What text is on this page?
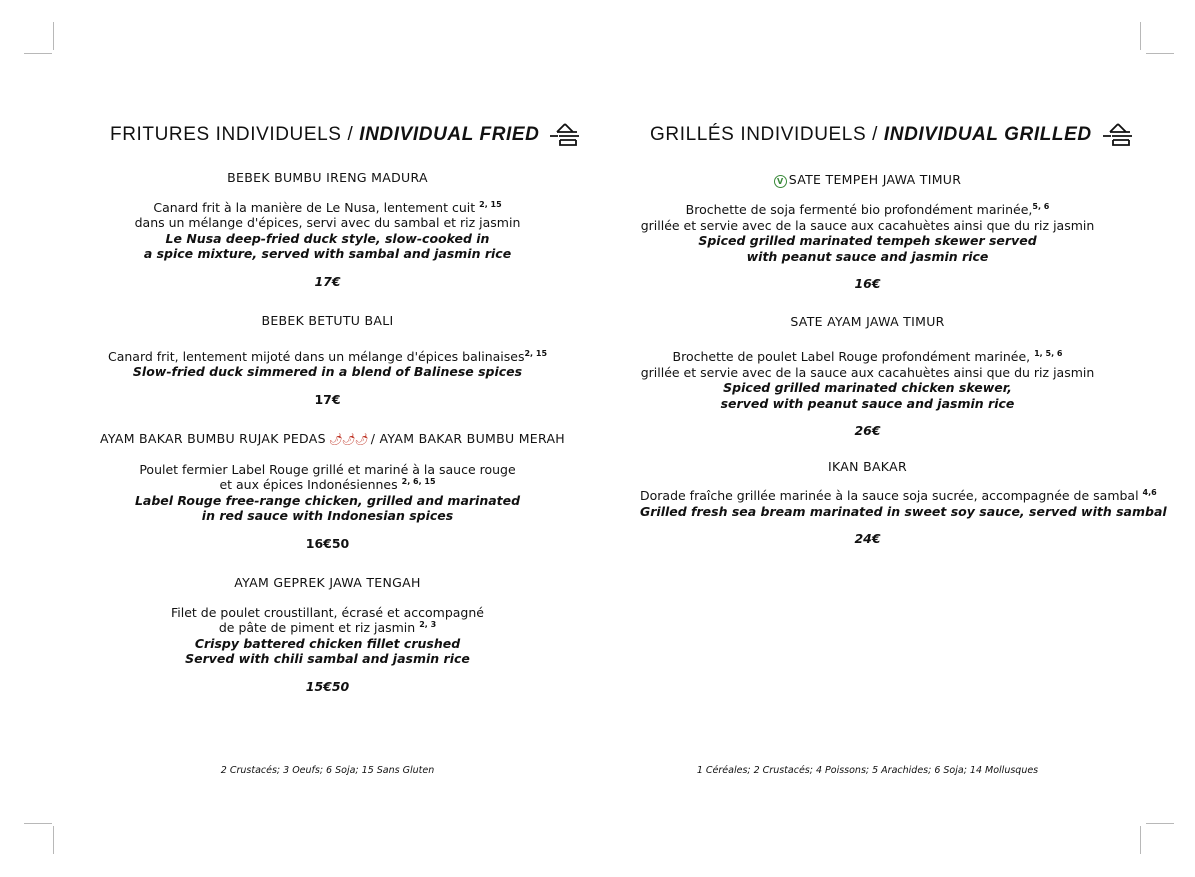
FRITURES INDIVIDUELS / INDIVIDUAL FRIED
BEBEK BUMBU IRENG MADURA
Canard frit à la manière de Le Nusa, lentement cuit $^{2, 15}$
dans un mélange d'épices, servi avec du sambal et riz jasmin
Le Nusa deep-fried duck style, slow-cooked in
a spice mixture, served with sambal and jasmin rice
17€
BEBEK BETUTU BALI
Canard frit, lentement mijoté dans un mélange d'épices balinaises$^{2, 15}$
Slow-fried duck simmered in a blend of Balinese spices
17€
AYAM BAKAR BUMBU RUJAK PEDAS 🌶🌶🌶 / AYAM BAKAR BUMBU MERAH
Poulet fermier Label Rouge grillé et mariné à la sauce rouge
et aux épices Indonésiennes $^{2, 6, 15}$
Label Rouge free-range chicken, grilled and marinated
in red sauce with Indonesian spices
16€50
AYAM GEPREK JAWA TENGAH
Filet de poulet croustillant, écrasé et accompagné
de pâte de piment et riz jasmin $^{2, 3}$
Crispy battered chicken fillet crushed
Served with chili sambal and jasmin rice
15€50
GRILLÉS INDIVIDUELS / INDIVIDUAL GRILLED
V SATE TEMPEH JAWA TIMUR
Brochette de soja fermenté bio profondément marinée,$^{5, 6}$
grillée et servie avec de la sauce aux cacahuètes ainsi que du riz jasmin
Spiced grilled marinated tempeh skewer served
with peanut sauce and jasmin rice
16€
SATE AYAM JAWA TIMUR
Brochette de poulet Label Rouge profondément marinée, $^{1, 5, 6}$
grillée et servie avec de la sauce aux cacahuètes ainsi que du riz jasmin
Spiced grilled marinated chicken skewer,
served with peanut sauce and jasmin rice
26€
IKAN BAKAR
Dorade fraîche grillée marinée à la sauce soja sucrée, accompagnée de sambal $^{4,6}$
Grilled fresh sea bream marinated in sweet soy sauce, served with sambal
24€
2 Crustacés; 3 Oeufs; 6 Soja; 15 Sans Gluten	1 Céréales; 2 Crustacés; 4 Poissons; 5 Arachides; 6 Soja; 14 Mollusques
